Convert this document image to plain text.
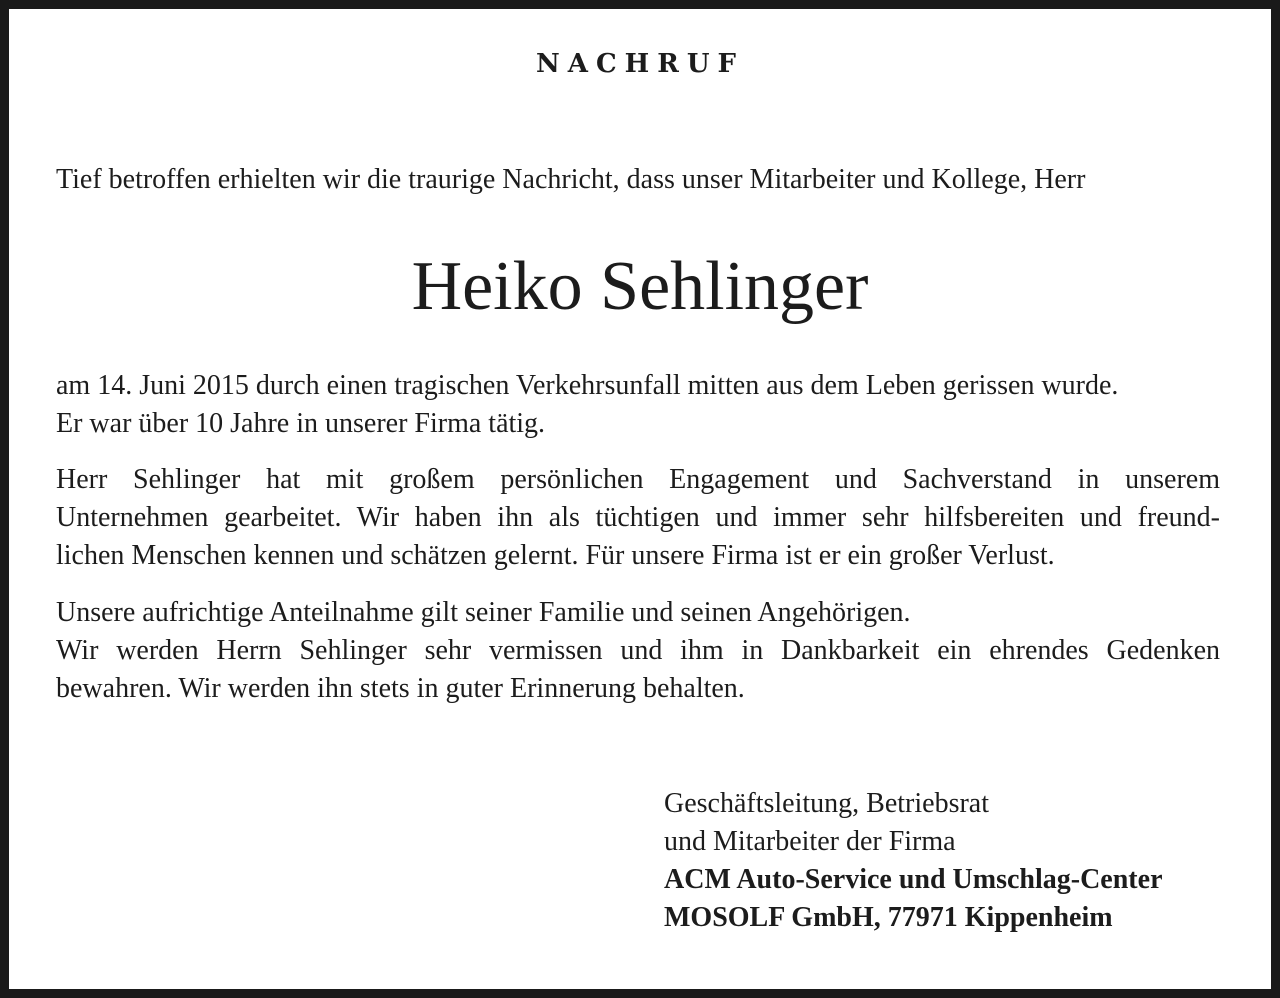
NACHRUF
Tief betroffen erhielten wir die traurige Nachricht, dass unser Mitarbeiter und Kollege, Herr
Heiko Sehlinger
am 14. Juni 2015 durch einen tragischen Verkehrsunfall mitten aus dem Leben gerissen wurde.
Er war über 10 Jahre in unserer Firma tätig.
Herr Sehlinger hat mit großem persönlichen Engagement und Sachverstand in unserem
Unternehmen gearbeitet. Wir haben ihn als tüchtigen und immer sehr hilfsbereiten und freund-
lichen Menschen kennen und schätzen gelernt. Für unsere Firma ist er ein großer Verlust.
Unsere aufrichtige Anteilnahme gilt seiner Familie und seinen Angehörigen.
Wir werden Herrn Sehlinger sehr vermissen und ihm in Dankbarkeit ein ehrendes Gedenken
bewahren. Wir werden ihn stets in guter Erinnerung behalten.
Geschäftsleitung, Betriebsrat
und Mitarbeiter der Firma
ACM Auto-Service und Umschlag-Center
MOSOLF GmbH, 77971 Kippenheim
